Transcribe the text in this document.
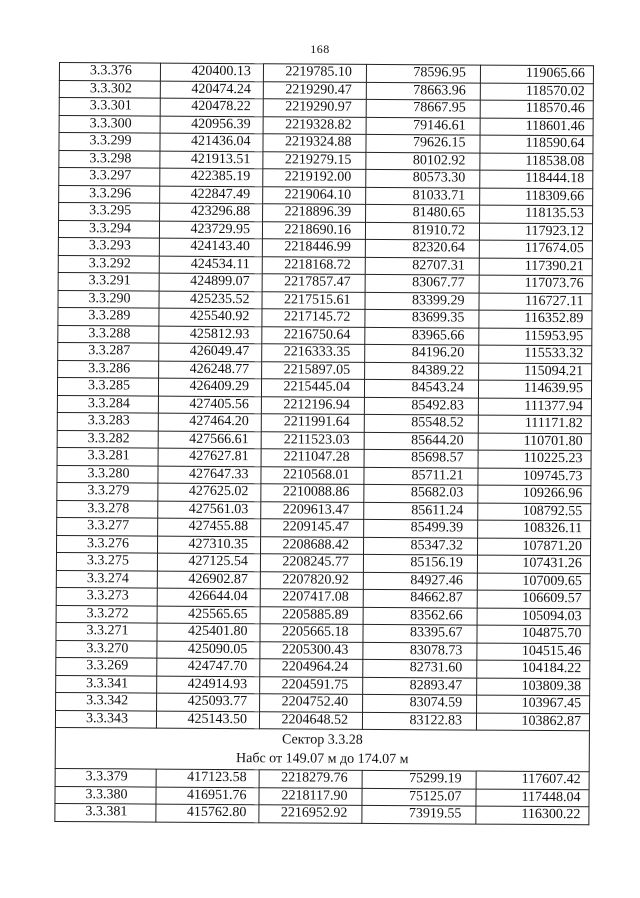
168
3.3.376	420400.13	2219785.10	78596.95	119065.66
3.3.302	420474.24	2219290.47	78663.96	118570.02
3.3.301	420478.22	2219290.97	78667.95	118570.46
3.3.300	420956.39	2219328.82	79146.61	118601.46
3.3.299	421436.04	2219324.88	79626.15	118590.64
3.3.298	421913.51	2219279.15	80102.92	118538.08
3.3.297	422385.19	2219192.00	80573.30	118444.18
3.3.296	422847.49	2219064.10	81033.71	118309.66
3.3.295	423296.88	2218896.39	81480.65	118135.53
3.3.294	423729.95	2218690.16	81910.72	117923.12
3.3.293	424143.40	2218446.99	82320.64	117674.05
3.3.292	424534.11	2218168.72	82707.31	117390.21
3.3.291	424899.07	2217857.47	83067.77	117073.76
3.3.290	425235.52	2217515.61	83399.29	116727.11
3.3.289	425540.92	2217145.72	83699.35	116352.89
3.3.288	425812.93	2216750.64	83965.66	115953.95
3.3.287	426049.47	2216333.35	84196.20	115533.32
3.3.286	426248.77	2215897.05	84389.22	115094.21
3.3.285	426409.29	2215445.04	84543.24	114639.95
3.3.284	427405.56	2212196.94	85492.83	111377.94
3.3.283	427464.20	2211991.64	85548.52	111171.82
3.3.282	427566.61	2211523.03	85644.20	110701.80
3.3.281	427627.81	2211047.28	85698.57	110225.23
3.3.280	427647.33	2210568.01	85711.21	109745.73
3.3.279	427625.02	2210088.86	85682.03	109266.96
3.3.278	427561.03	2209613.47	85611.24	108792.55
3.3.277	427455.88	2209145.47	85499.39	108326.11
3.3.276	427310.35	2208688.42	85347.32	107871.20
3.3.275	427125.54	2208245.77	85156.19	107431.26
3.3.274	426902.87	2207820.92	84927.46	107009.65
3.3.273	426644.04	2207417.08	84662.87	106609.57
3.3.272	425565.65	2205885.89	83562.66	105094.03
3.3.271	425401.80	2205665.18	83395.67	104875.70
3.3.270	425090.05	2205300.43	83078.73	104515.46
3.3.269	424747.70	2204964.24	82731.60	104184.22
3.3.341	424914.93	2204591.75	82893.47	103809.38
3.3.342	425093.77	2204752.40	83074.59	103967.45
3.3.343	425143.50	2204648.52	83122.83	103862.87

Сектор 3.3.28
Набс от 149.07 м до 174.07 м				

3.3.379	417123.58	2218279.76	75299.19	117607.42
3.3.380	416951.76	2218117.90	75125.07	117448.04
3.3.381	415762.80	2216952.92	73919.55	116300.22
